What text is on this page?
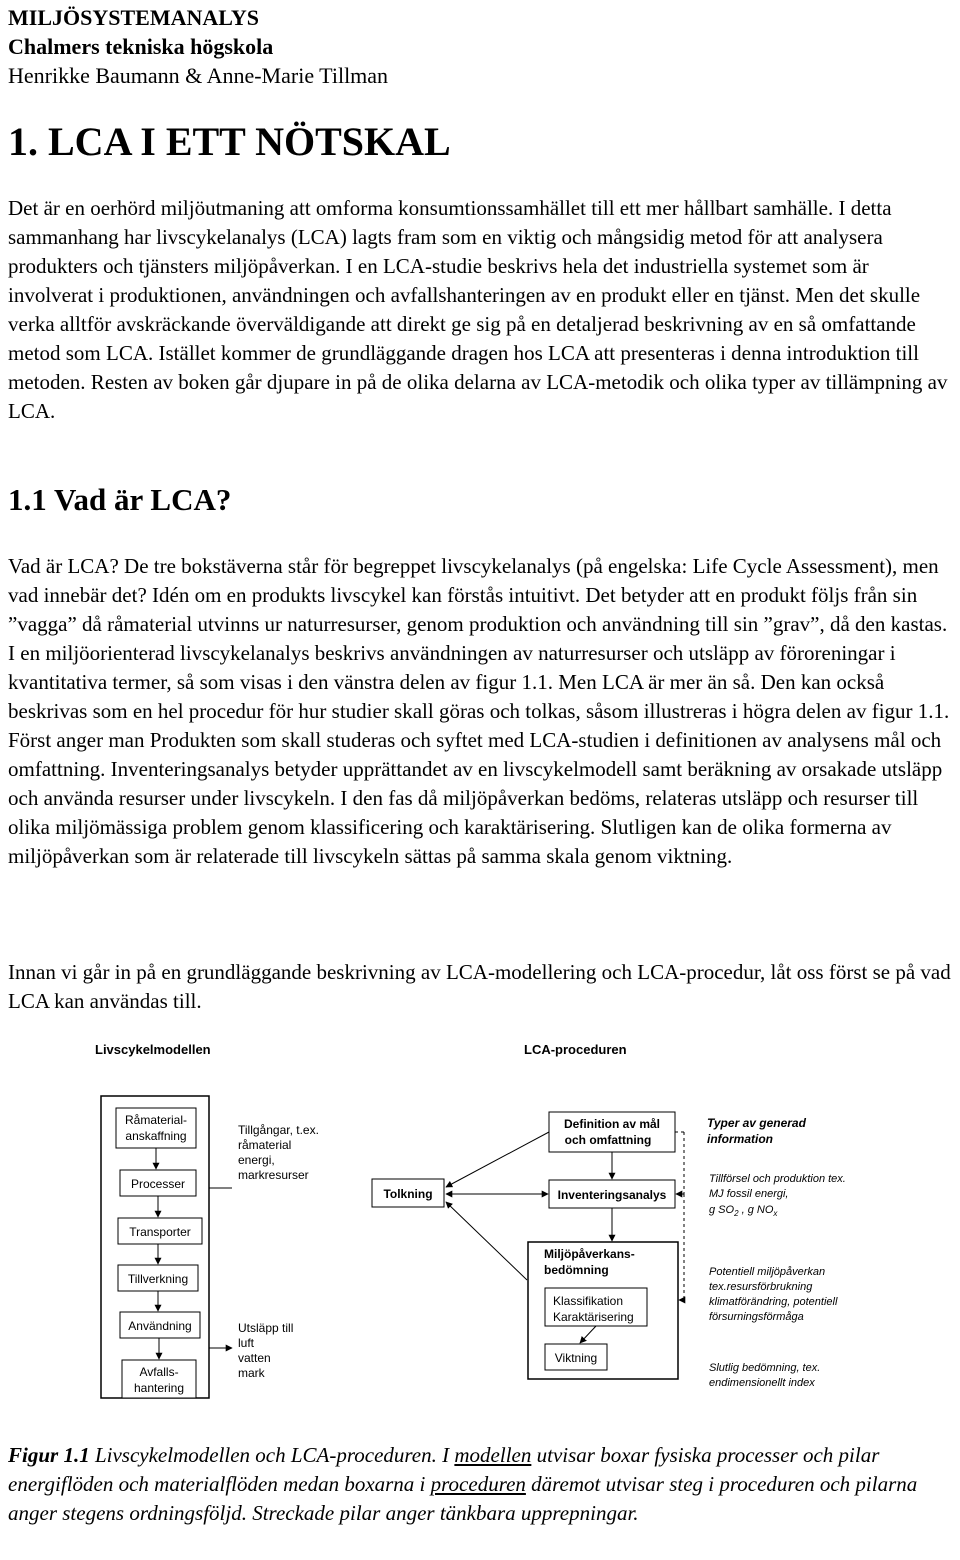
MILJÖSYSTEMANALYS
Chalmers tekniska högskola
Henrikke Baumann & Anne-Marie Tillman
1. LCA I ETT NÖTSKAL

Det är en oerhörd miljöutmaning att omforma konsumtionssamhället till ett mer hållbart samhälle. I detta sammanhang har livscykelanalys (LCA) lagts fram som en viktig och mångsidig metod för att analysera produkters och tjänsters miljöpåverkan. I en LCA-studie beskrivs hela det industriella systemet som är involverat i produktionen, användningen och avfallshanteringen av en produkt eller en tjänst. Men det skulle verka alltför avskräckande överväldigande att direkt ge sig på en detaljerad beskrivning av en så omfattande metod som LCA. Istället kommer de grundläggande dragen hos LCA att presenteras i denna introduktion till metoden. Resten av boken går djupare in på de olika delarna av LCA-metodik och olika typer av tillämpning av LCA.

1.1 Vad är LCA?

Vad är LCA? De tre bokstäverna står för begreppet livscykelanalys (på engelska: Life Cycle Assessment), men vad innebär det? Idén om en produkts livscykel kan förstås intuitivt. Det betyder att en produkt följs från sin ”vagga” då råmaterial utvinns ur naturresurser, genom produktion och användning till sin ”grav”, då den kastas. I en miljöorienterad livscykelanalys beskrivs användningen av naturresurser och utsläpp av föroreningar i kvantitativa termer, så som visas i den vänstra delen av figur 1.1. Men LCA är mer än så. Den kan också beskrivas som en hel procedur för hur studier skall göras och tolkas, såsom illustreras i högra delen av figur 1.1. Först anger man Produkten som skall studeras och syftet med LCA-studien i definitionen av analysens mål och omfattning. Inventeringsanalys betyder upprättandet av en livscykelmodell samt beräkning av orsakade utsläpp och använda resurser under livscykeln. I den fas då miljöpåverkan bedöms, relateras utsläpp och resurser till olika miljömässiga problem genom klassificering och karaktärisering. Slutligen kan de olika formerna av miljöpåverkan som är relaterade till livscykeln sättas på samma skala genom viktning.

Innan vi går in på en grundläggande beskrivning av LCA-modellering och LCA-procedur, låt oss först se på vad LCA kan användas till.

Livscykelmodellen	LCA-proceduren
Råmaterial-
anskaffning
Processer
Transporter
Tillverkning
Användning
Avfalls-
hantering
Tillgångar, t.ex.
råmaterial
energi,
markresurser
Utsläpp till
luft
vatten
mark
Tolkning
Definition av mål
och omfattning
Inventeringsanalys
Miljöpåverkans-
bedömning
Klassifikation
Karaktärisering
Viktning
Typer av generad
information
Tillförsel och produktion tex.
MJ fossil energi,
g $SO_2$ , g $NO_x$
Potentiell miljöpåverkan
tex.resursförbrukning
klimatförändring, potentiell
försurningsförmåga
Slutlig bedömning, tex.
endimensionellt index

Figur 1.1 Livscykelmodellen och LCA-proceduren. I modellen utvisar boxar fysiska processer och pilar energiflöden och materialflöden medan boxarna i proceduren däremot utvisar steg i proceduren och pilarna anger stegens ordningsföljd. Streckade pilar anger tänkbara upprepningar.
